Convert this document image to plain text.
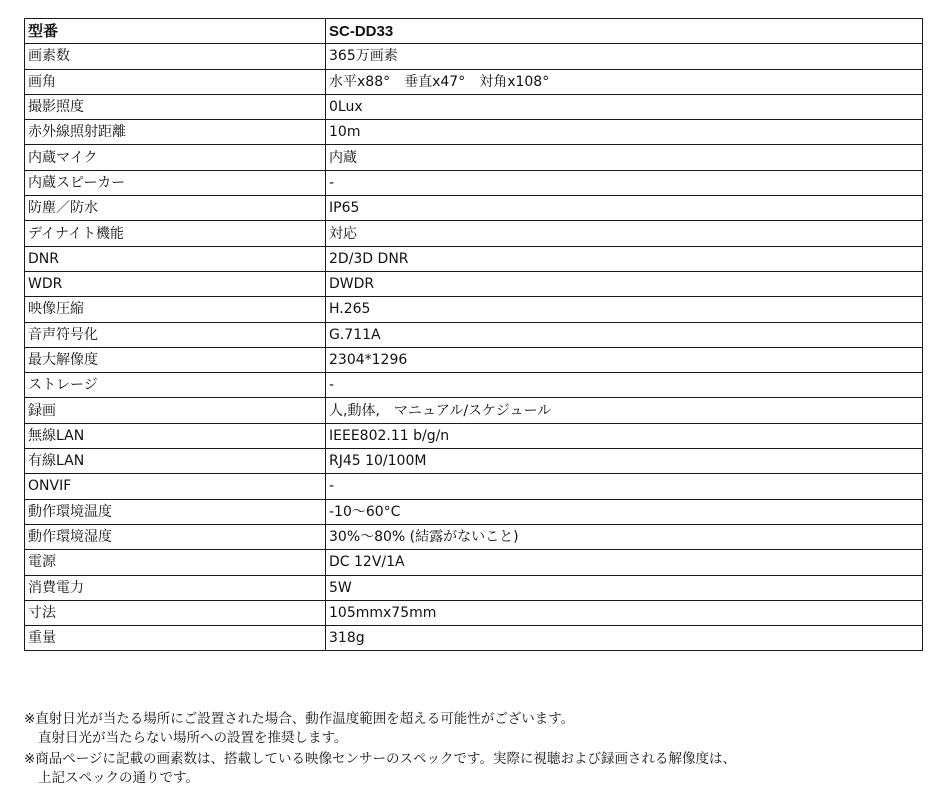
型番	SC-DD33
画素数	365万画素
画角	水平x88°　垂直x47°　対角x108°
撮影照度	0Lux
赤外線照射距離	10m
内蔵マイク	内蔵
内蔵スピーカー	-
防塵／防水	IP65
デイナイト機能	対応
DNR	2D/3D DNR
WDR	DWDR
映像圧縮	H.265
音声符号化	G.711A
最大解像度	2304*1296
ストレージ	-
録画	人,動体,　マニュアル/スケジュール
無線LAN	IEEE802.11 b/g/n
有線LAN	RJ45 10/100M
ONVIF	-
動作環境温度	-10～60°C
動作環境湿度	30%～80% (結露がないこと)
電源	DC 12V/1A
消費電力	5W
寸法	105mmx75mm
重量	318g

※直射日光が当たる場所にご設置された場合、動作温度範囲を超える可能性がございます。
直射日光が当たらない場所への設置を推奨します。

※商品ページに記載の画素数は、搭載している映像センサーのスペックです。実際に視聴および録画される解像度は、
上記スペックの通りです。
